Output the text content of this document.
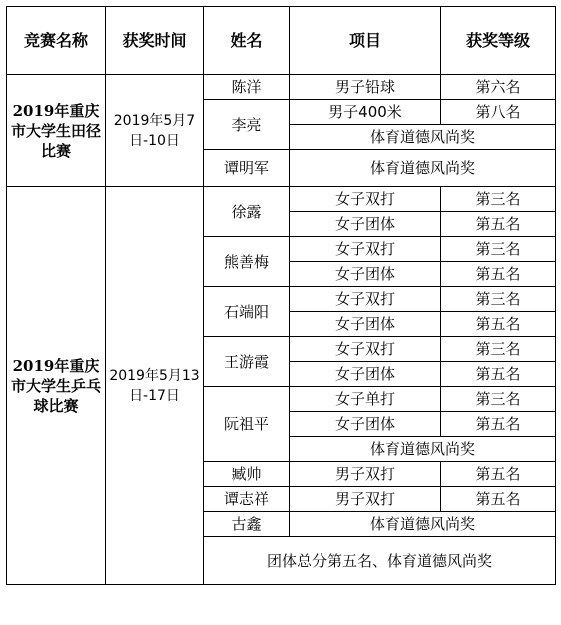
竞赛名称	获奖时间	姓名	项目	获奖等级
2019年重庆市大学生田径比赛	2019年5月7日-10日	陈洋	男子铅球	第六名
		李亮	男子400米	第八名
			体育道德风尚奖	
		谭明军	体育道德风尚奖	
2019年重庆市大学生乒乓球比赛	2019年5月13日-17日	徐露	女子双打	第三名
			女子团体	第五名
		熊善梅	女子双打	第三名
			女子团体	第五名
		石端阳	女子双打	第三名
			女子团体	第五名
		王游霞	女子双打	第三名
			女子团体	第五名
		阮祖平	女子单打	第三名
			女子团体	第五名
			体育道德风尚奖	
		臧帅	男子双打	第五名
		谭志祥	男子双打	第五名
		古鑫	体育道德风尚奖	
		团体总分第五名、体育道德风尚奖		
